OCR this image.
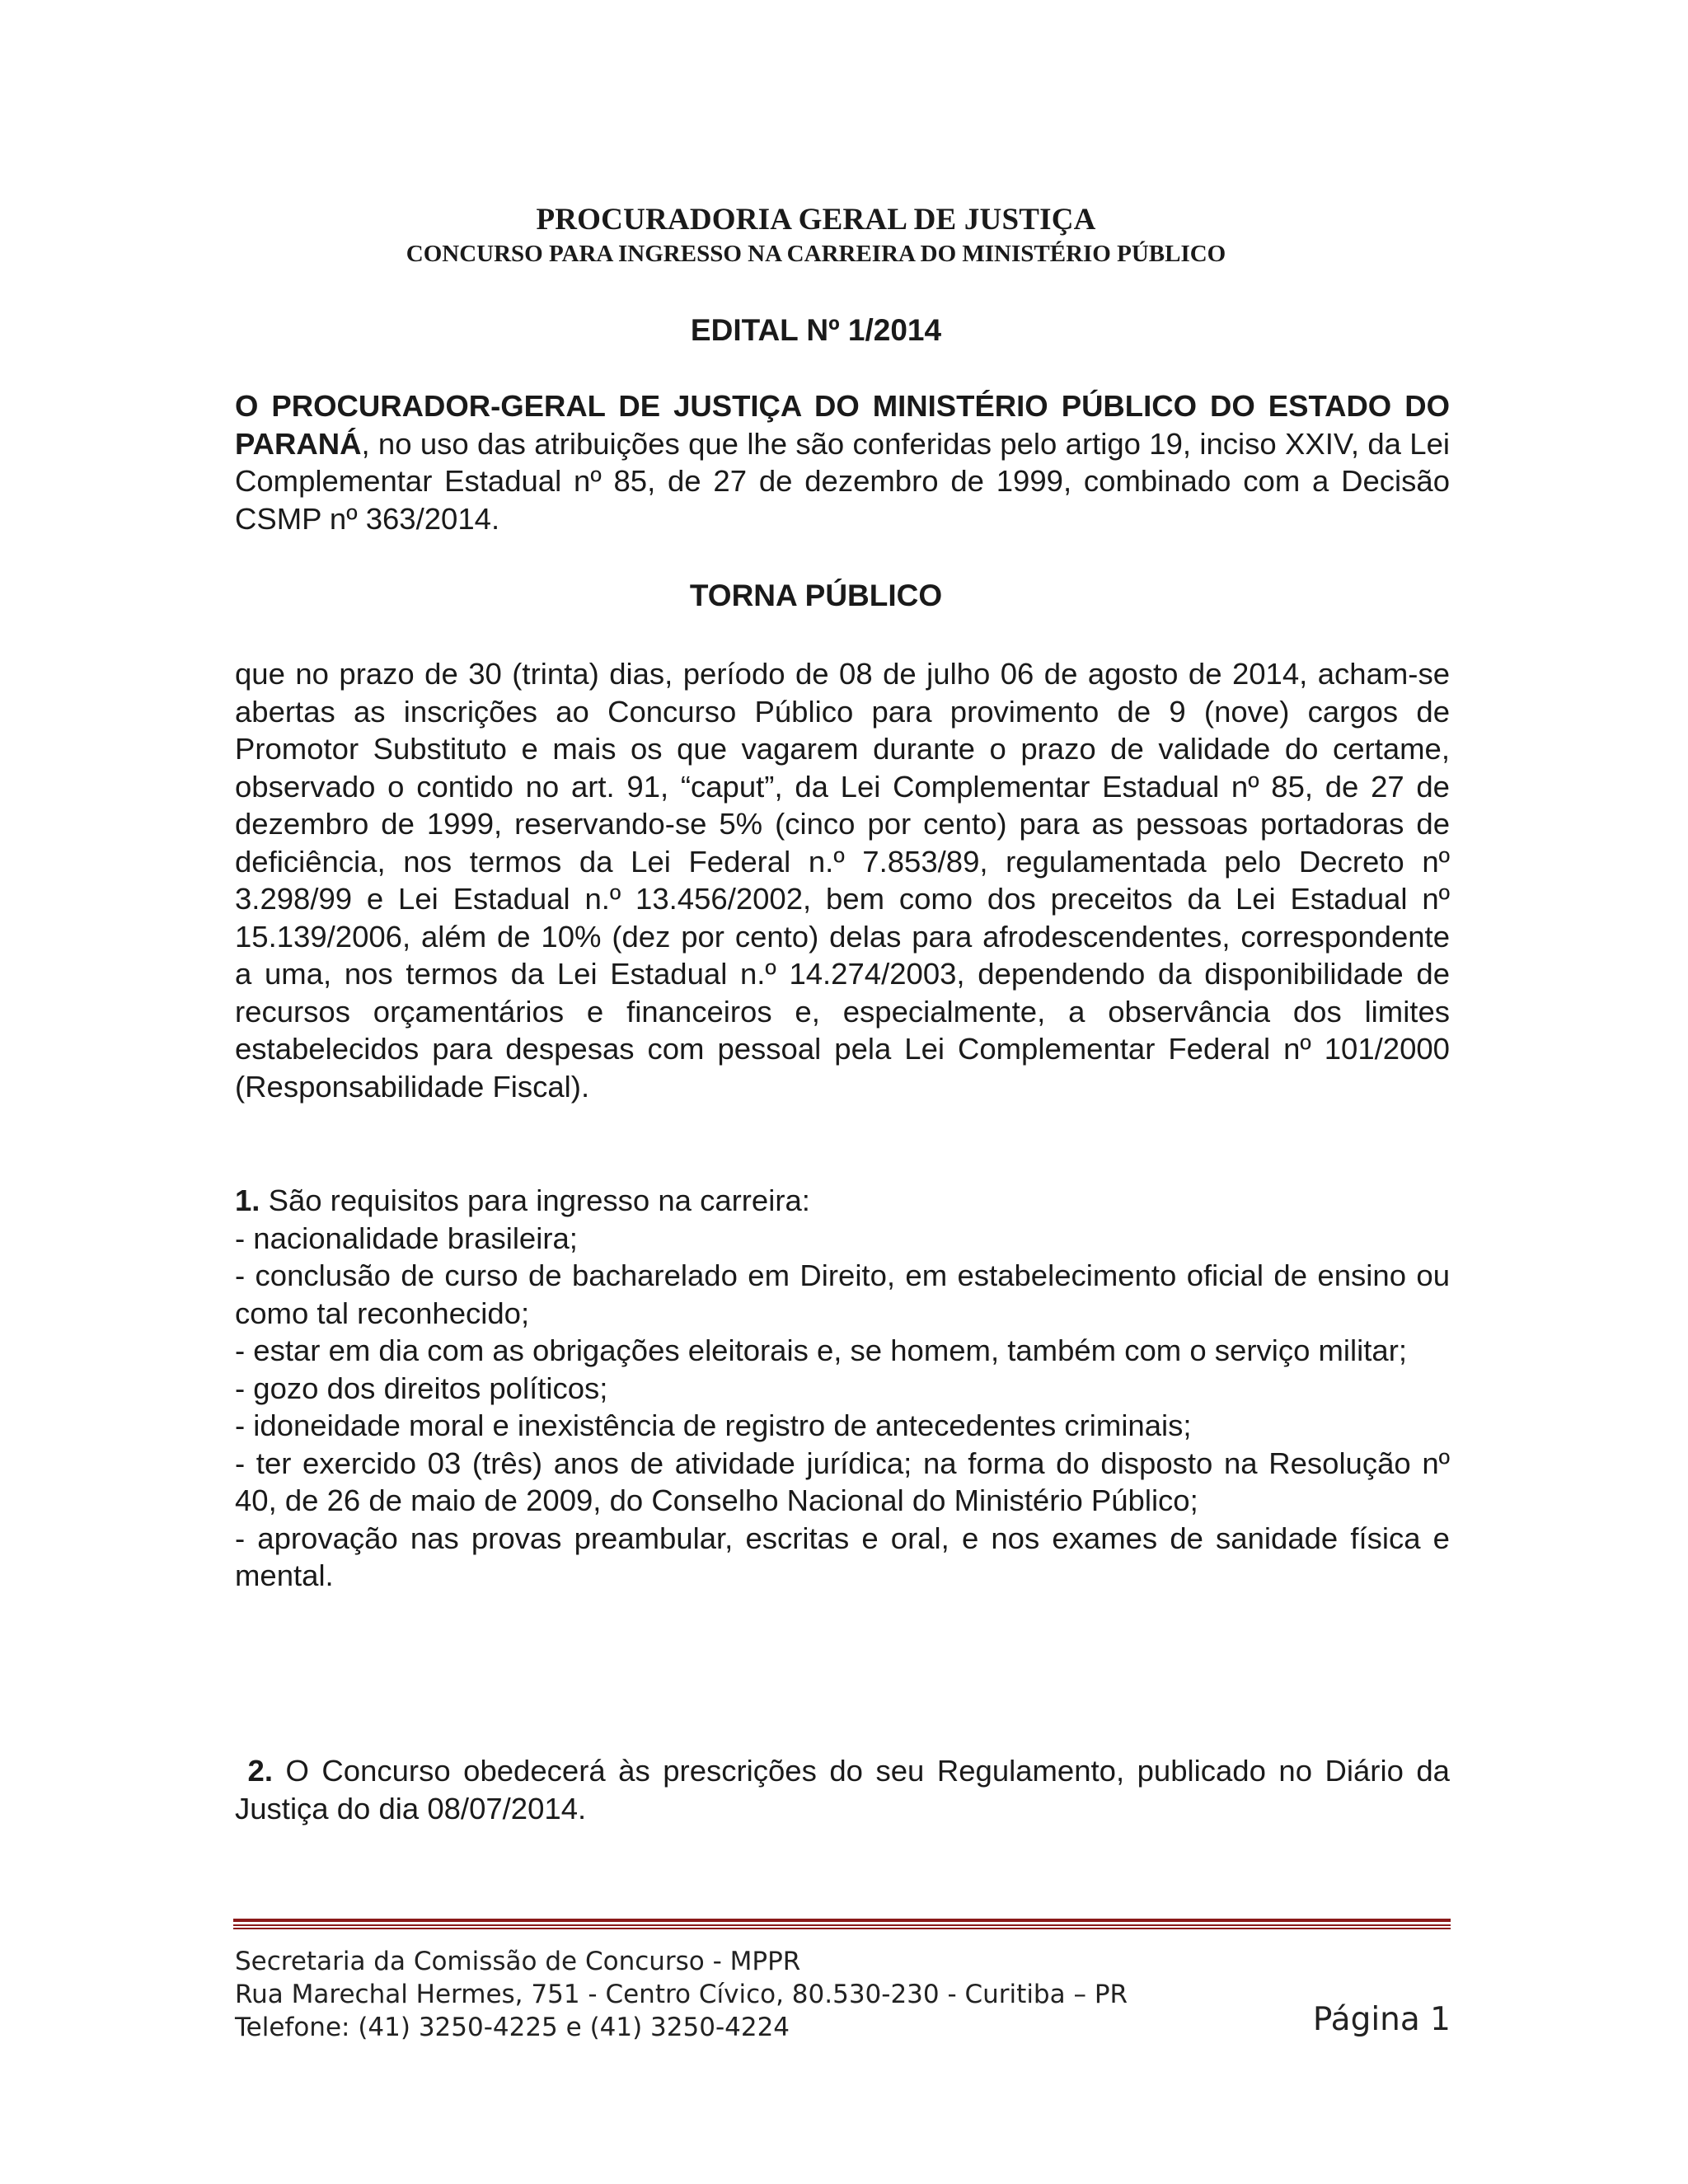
PROCURADORIA GERAL DE JUSTIÇA
CONCURSO PARA INGRESSO NA CARREIRA DO MINISTÉRIO PÚBLICO
EDITAL Nº 1/2014
O PROCURADOR-GERAL DE JUSTIÇA DO MINISTÉRIO PÚBLICO DO ESTADO DO PARANÁ, no uso das atribuições que lhe são conferidas pelo artigo 19, inciso XXIV, da Lei Complementar Estadual nº 85, de 27 de dezembro de 1999, combinado com a Decisão CSMP nº 363/2014.
TORNA PÚBLICO
que no prazo de 30 (trinta) dias, período de 08 de julho 06 de agosto de 2014, acham-se abertas as inscrições ao Concurso Público para provimento de 9 (nove) cargos de Promotor Substituto e mais os que vagarem durante o prazo de validade do certame, observado o contido no art. 91, “caput”, da Lei Complementar Estadual nº 85, de 27 de dezembro de 1999, reservando-se 5% (cinco por cento) para as pessoas portadoras de deficiência, nos termos da Lei Federal n.º 7.853/89, regulamentada pelo Decreto nº 3.298/99 e Lei Estadual n.º 13.456/2002, bem como dos preceitos da Lei Estadual nº 15.139/2006, além de 10% (dez por cento) delas para afrodescendentes, correspondente a uma, nos termos da Lei Estadual n.º 14.274/2003, dependendo da disponibilidade de recursos orçamentários e financeiros e, especialmente, a observância dos limites estabelecidos para despesas com pessoal pela Lei Complementar Federal nº 101/2000 (Responsabilidade Fiscal).
1. São requisitos para ingresso na carreira:
- nacionalidade brasileira;
- conclusão de curso de bacharelado em Direito, em estabelecimento oficial de ensino ou como tal reconhecido;
- estar em dia com as obrigações eleitorais e, se homem, também com o serviço militar;
- gozo dos direitos políticos;
- idoneidade moral e inexistência de registro de antecedentes criminais;
- ter exercido 03 (três) anos de atividade jurídica; na forma do disposto na Resolução nº 40, de 26 de maio de 2009, do Conselho Nacional do Ministério Público;
- aprovação nas provas preambular, escritas e oral, e nos exames de sanidade física e mental.
2. O Concurso obedecerá às prescrições do seu Regulamento, publicado no Diário da Justiça do dia 08/07/2014.
Secretaria da Comissão de Concurso - MPPR
Rua Marechal Hermes, 751 - Centro Cívico, 80.530-230 - Curitiba – PR
Telefone: (41) 3250-4225 e (41) 3250-4224	Página 1
